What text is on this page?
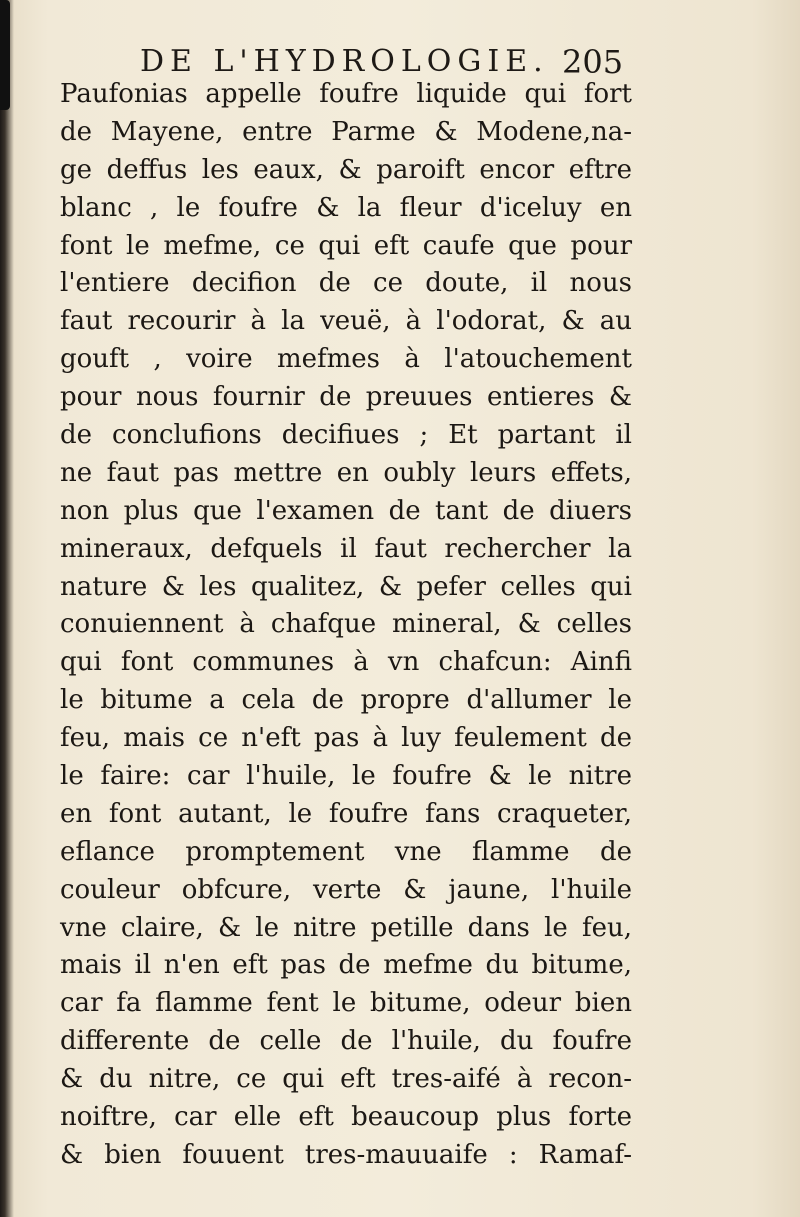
DE L'HYDROLOGIE. 205
Paufonias appelle foufre liquide qui fort
de Mayene, entre Parme & Modene,na-
ge deffus les eaux, & paroift encor eftre
blanc , le foufre & la fleur d'iceluy en
font le mefme, ce qui eft caufe que pour
l'entiere decifion de ce doute, il nous
faut recourir à la veuë, à l'odorat, & au
gouft , voire mefmes à l'atouchement
pour nous fournir de preuues entieres &
de conclufions decifiues ; Et partant il
ne faut pas mettre en oubly leurs effets,
non plus que l'examen de tant de diuers
mineraux, defquels il faut rechercher la
nature & les qualitez, & pefer celles qui
conuiennent à chafque mineral, & celles
qui font communes à vn chafcun: Ainfi
le bitume a cela de propre d'allumer le
feu, mais ce n'eft pas à luy feulement de
le faire: car l'huile, le foufre & le nitre
en font autant, le foufre fans craqueter,
eflance promptement vne flamme de
couleur obfcure, verte & jaune, l'huile
vne claire, & le nitre petille dans le feu,
mais il n'en eft pas de mefme du bitume,
car fa flamme fent le bitume, odeur bien
differente de celle de l'huile, du foufre
& du nitre, ce qui eft tres-aifé à recon-
noiftre, car elle eft beaucoup plus forte
& bien fouuent tres-mauuaife : Ramaf-
